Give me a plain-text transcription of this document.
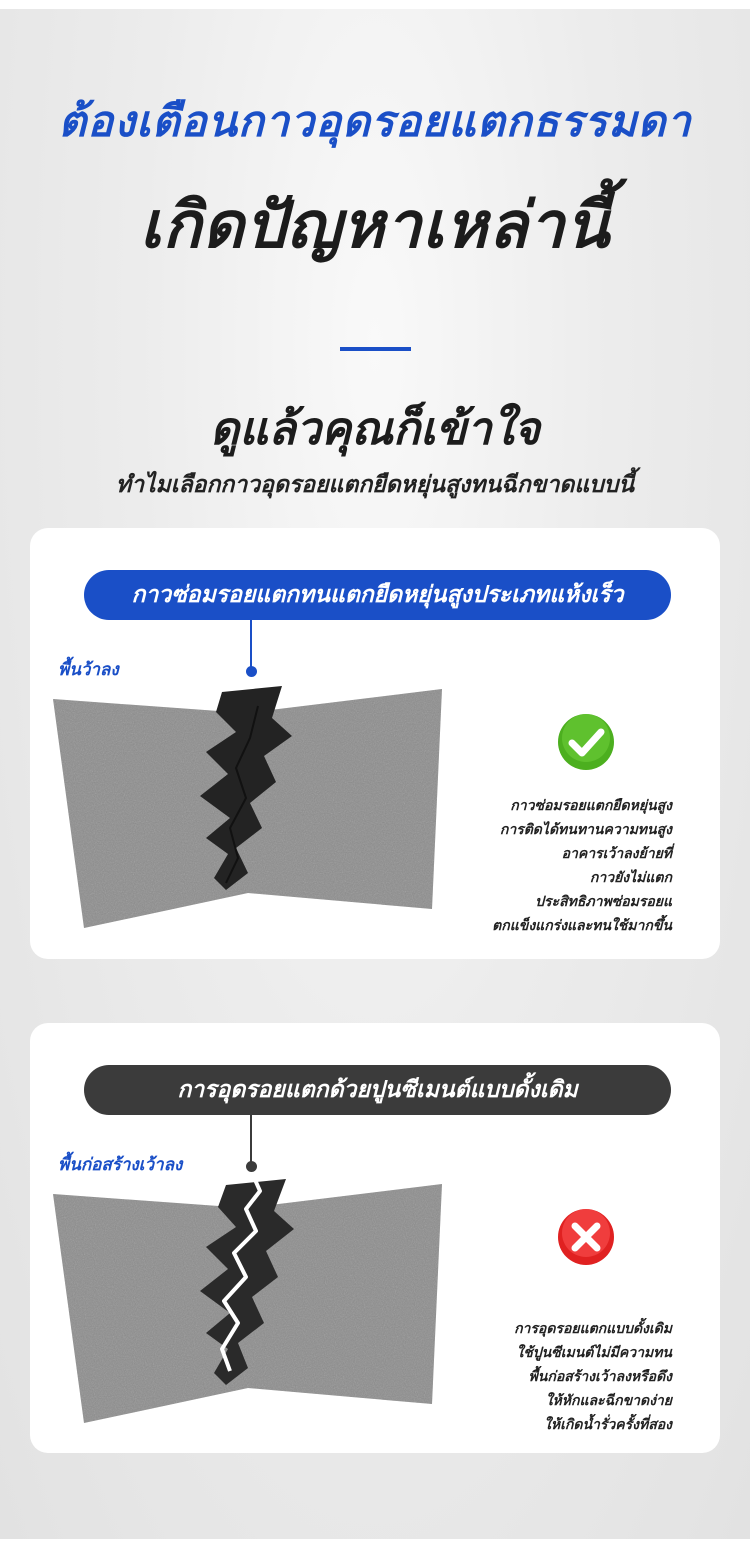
ต้องเตือนกาวอุดรอยแตกธรรมดา
เกิดปัญหาเหล่านี้
ดูแล้วคุณก็เข้าใจ
ทำไมเลือกกาวอุดรอยแตกยืดหยุ่นสูงทนฉีกขาดแบบนี้
กาวซ่อมรอยแตกทนแตกยืดหยุ่นสูงประเภทแห้งเร็ว
พื้นว้าลง
กาวซ่อมรอยแตกยืดหยุ่นสูง
การติดได้ทนทานความทนสูง
อาคารเว้าลงย้ายที่
กาวยังไม่แตก
ประสิทธิภาพซ่อมรอยแ
ตกแข็งแกร่งและทนใช้มากขึ้น
การอุดรอยแตกด้วยปูนซีเมนต์แบบดั้งเดิม
พื้นก่อสร้างเว้าลง
การอุดรอยแตกแบบดั้งเดิม
ใช้ปูนซีเมนต์ไม่มีความทน
พื้นก่อสร้างเว้าลงหรือดึง
ให้หักและฉีกขาดง่าย
ให้เกิดน้ำรั่วครั้งที่สอง
